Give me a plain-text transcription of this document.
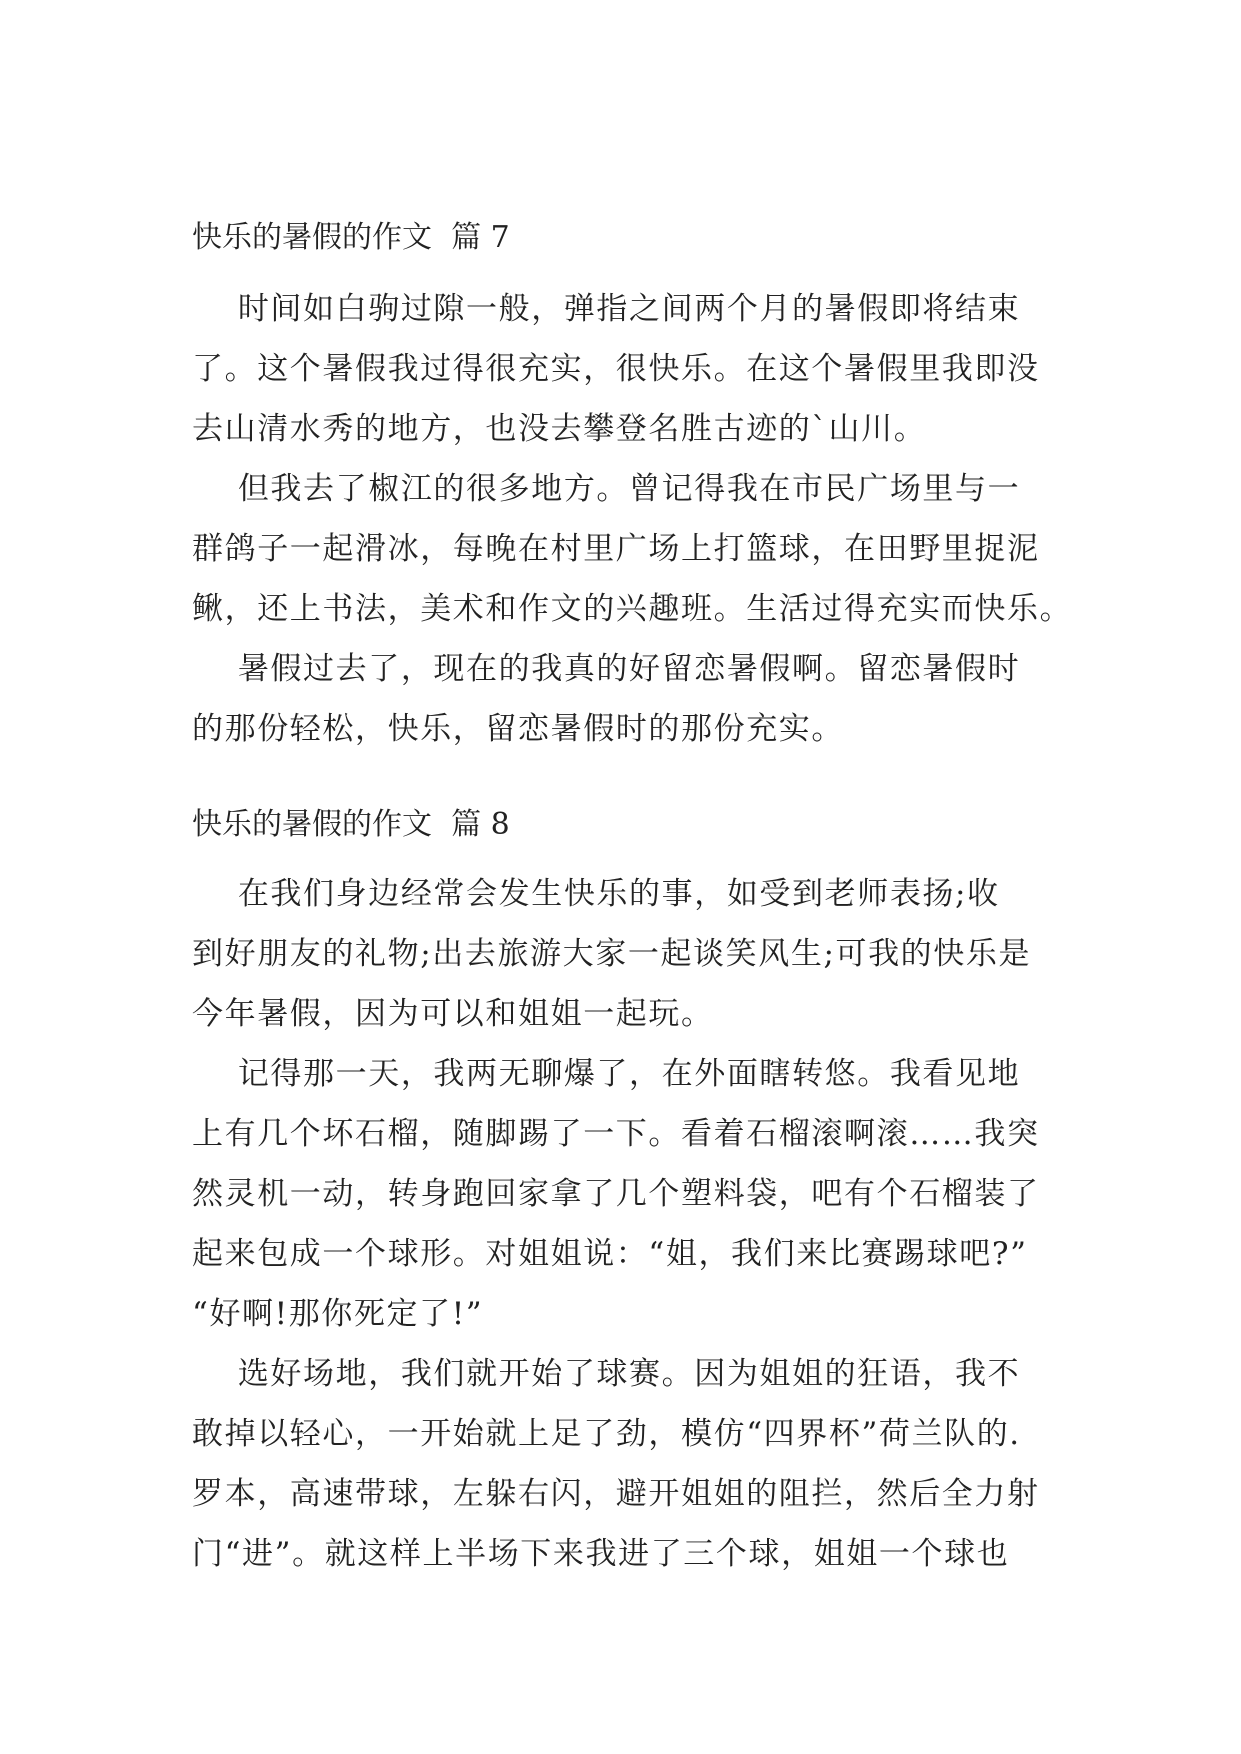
快乐的暑假的作文  篇 7

时间如白驹过隙一般，弹指之间两个月的暑假即将结束

了。这个暑假我过得很充实，很快乐。在这个暑假里我即没

去山清水秀的地方，也没去攀登名胜古迹的`山川。

但我去了椒江的很多地方。曾记得我在市民广场里与一

群鸽子一起滑冰，每晚在村里广场上打篮球，在田野里捉泥

鳅，还上书法，美术和作文的兴趣班。生活过得充实而快乐。

暑假过去了，现在的我真的好留恋暑假啊。留恋暑假时

的那份轻松，快乐，留恋暑假时的那份充实。

快乐的暑假的作文  篇 8

在我们身边经常会发生快乐的事，如受到老师表扬;收

到好朋友的礼物;出去旅游大家一起谈笑风生;可我的快乐是

今年暑假，因为可以和姐姐一起玩。

记得那一天，我两无聊爆了，在外面瞎转悠。我看见地

上有几个坏石榴，随脚踢了一下。看着石榴滚啊滚……我突

然灵机一动，转身跑回家拿了几个塑料袋，吧有个石榴装了

起来包成一个球形。对姐姐说：“姐，我们来比赛踢球吧?”

“好啊!那你死定了!”

选好场地，我们就开始了球赛。因为姐姐的狂语，我不

敢掉以轻心，一开始就上足了劲，模仿“四界杯”荷兰队的.

罗本，高速带球，左躲右闪，避开姐姐的阻拦，然后全力射

门“进”。就这样上半场下来我进了三个球，姐姐一个球也
